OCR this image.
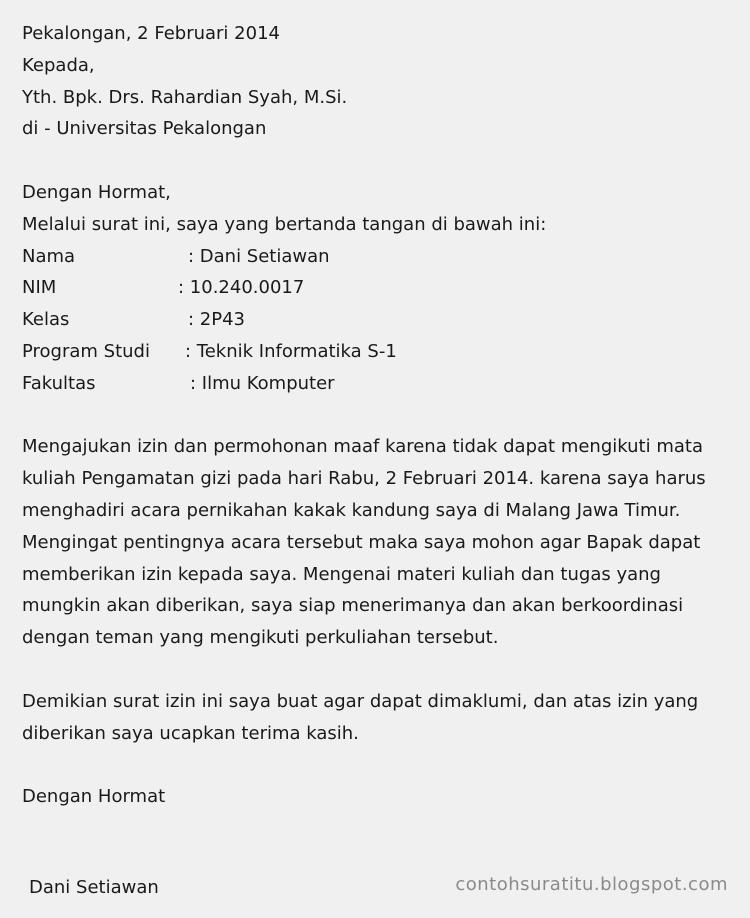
Pekalongan, 2 Februari 2014
Kepada,
Yth. Bpk. Drs. Rahardian Syah, M.Si.
di - Universitas Pekalongan
Dengan Hormat,
Melalui surat ini, saya yang bertanda tangan di bawah ini:
Nama	: Dani Setiawan
NIM	: 10.240.0017
Kelas	: 2P43
Program Studi : Teknik Informatika S-1
Fakultas	: Ilmu Komputer
Mengajukan izin dan permohonan maaf karena tidak dapat mengikuti mata
kuliah Pengamatan gizi pada hari Rabu, 2 Februari 2014. karena saya harus
menghadiri acara pernikahan kakak kandung saya di Malang Jawa Timur.
Mengingat pentingnya acara tersebut maka saya mohon agar Bapak dapat
memberikan izin kepada saya. Mengenai materi kuliah dan tugas yang
mungkin akan diberikan, saya siap menerimanya dan akan berkoordinasi
dengan teman yang mengikuti perkuliahan tersebut.
Demikian surat izin ini saya buat agar dapat dimaklumi, dan atas izin yang
diberikan saya ucapkan terima kasih.
Dengan Hormat
Dani Setiawan	contohsuratitu.blogspot.com
